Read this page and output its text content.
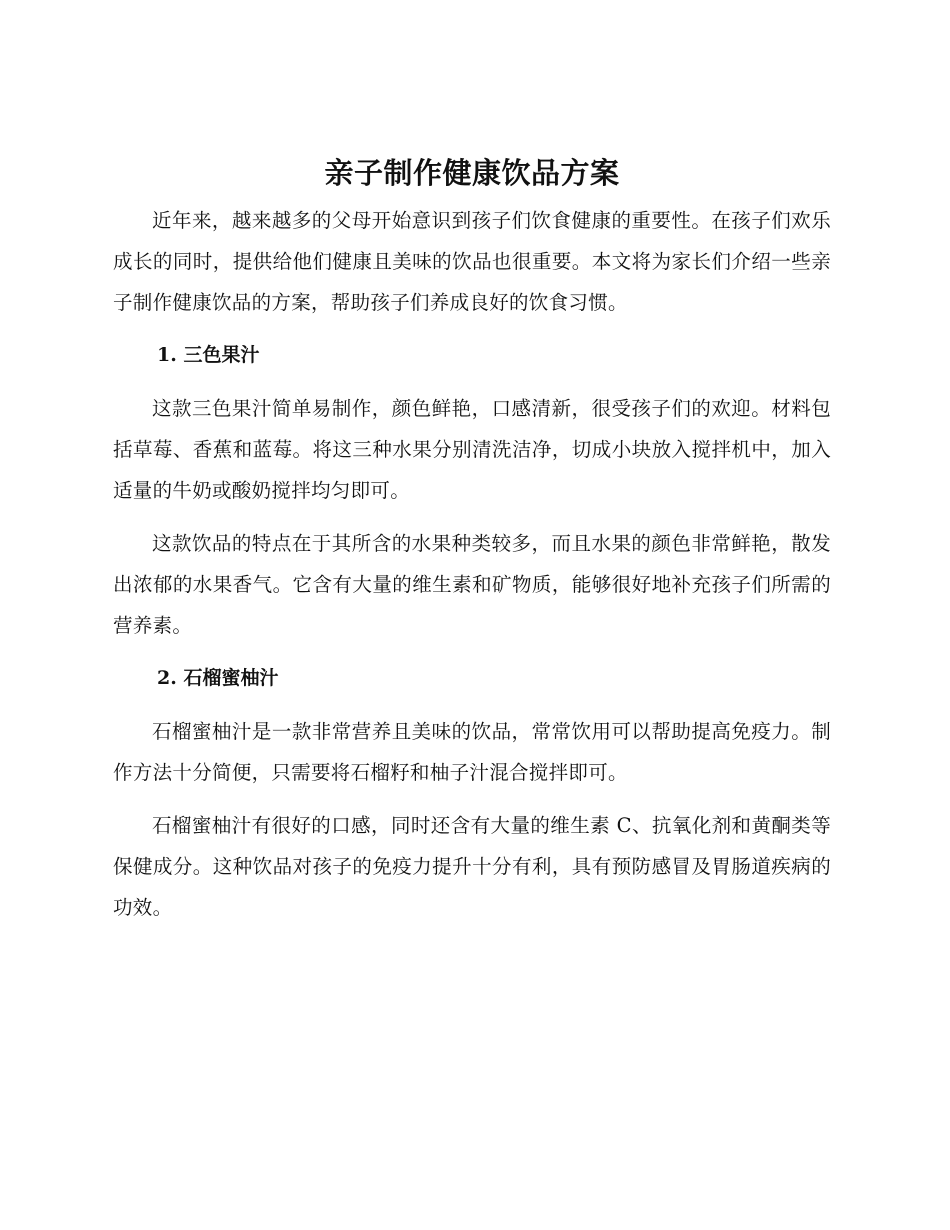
亲子制作健康饮品方案

近年来，越来越多的父母开始意识到孩子们饮食健康的重要性。在孩子们欢乐成长的同时，提供给他们健康且美味的饮品也很重要。本文将为家长们介绍一些亲子制作健康饮品的方案，帮助孩子们养成良好的饮食习惯。

1. 三色果汁

这款三色果汁简单易制作，颜色鲜艳，口感清新，很受孩子们的欢迎。材料包括草莓、香蕉和蓝莓。将这三种水果分别清洗洁净，切成小块放入搅拌机中，加入适量的牛奶或酸奶搅拌均匀即可。

这款饮品的特点在于其所含的水果种类较多，而且水果的颜色非常鲜艳，散发出浓郁的水果香气。它含有大量的维生素和矿物质，能够很好地补充孩子们所需的营养素。

2. 石榴蜜柚汁

石榴蜜柚汁是一款非常营养且美味的饮品，常常饮用可以帮助提高免疫力。制作方法十分简便，只需要将石榴籽和柚子汁混合搅拌即可。

石榴蜜柚汁有很好的口感，同时还含有大量的维生素 C、抗氧化剂和黄酮类等保健成分。这种饮品对孩子的免疫力提升十分有利，具有预防感冒及胃肠道疾病的功效。
